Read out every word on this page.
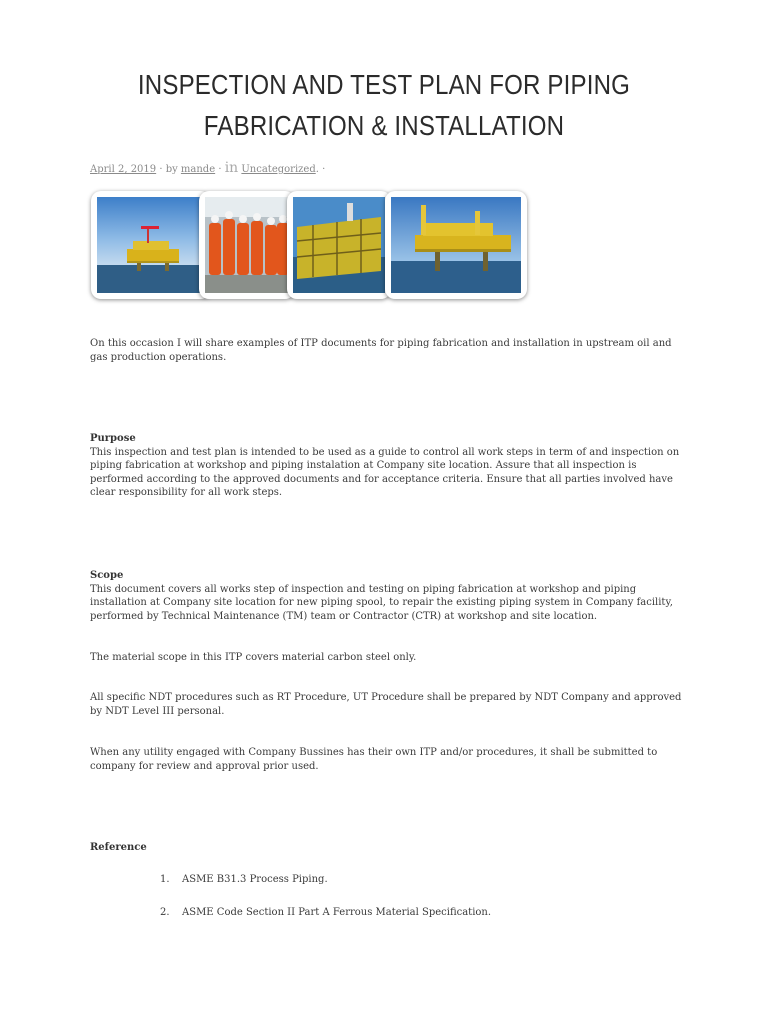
INSPECTION AND TEST PLAN FOR PIPING
FABRICATION & INSTALLATION
April 2, 2019 · by mande · in Uncategorized. ·

On this occasion I will share examples of ITP documents for piping fabrication and installation in upstream oil and gas production operations.

Purpose
This inspection and test plan is intended to be used as a guide to control all work steps in term of and inspection on piping fabrication at workshop and piping instalation at Company site location. Assure that all inspection is performed according to the approved documents and for acceptance criteria. Ensure that all parties involved have clear responsibility for all work steps.
Scope
This document covers all works step of inspection and testing on piping fabrication at workshop and piping installation at Company site location for new piping spool, to repair the existing piping system in Company facility, performed by Technical Maintenance (TM) team or Contractor (CTR) at workshop and site location.

The material scope in this ITP covers material carbon steel only.

All specific NDT procedures such as RT Procedure, UT Procedure shall be prepared by NDT Company and approved by NDT Level III personal.

When any utility engaged with Company Bussines has their own ITP and/or procedures, it shall be submitted to company for review and approval prior used.

Reference
1. ASME B31.3 Process Piping.
2. ASME Code Section II Part A Ferrous Material Specification.
